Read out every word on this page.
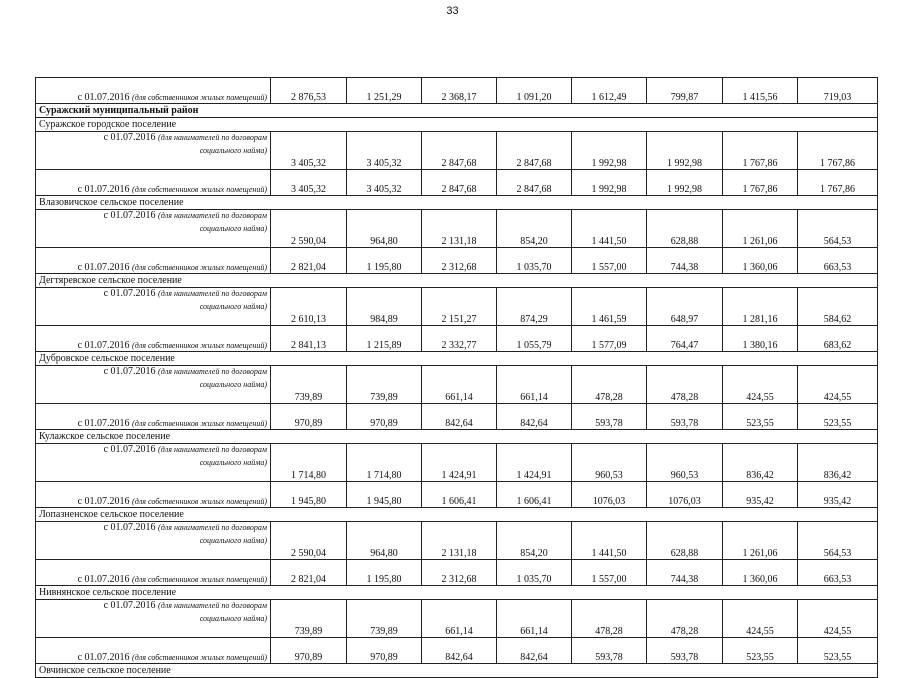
33
с 01.07.2016 (для собственников жилых помещений)	2 876,53	1 251,29	2 368,17	1 091,20	1 612,49	799,87	1 415,56	719,03
Суражский муниципальный район								
Суражское городское поселение								

с 01.07.2016 (для нанимателей по договорам
социального найма)	3 405,32	3 405,32	2 847,68	2 847,68	1 992,98	1 992,98	1 767,86	1 767,86
с 01.07.2016 (для собственников жилых помещений)	3 405,32	3 405,32	2 847,68	2 847,68	1 992,98	1 992,98	1 767,86	1 767,86
Влазовичское сельское поселение								

с 01.07.2016 (для нанимателей по договорам
социального найма)	2 590,04	964,80	2 131,18	854,20	1 441,50	628,88	1 261,06	564,53
с 01.07.2016 (для собственников жилых помещений)	2 821,04	1 195,80	2 312,68	1 035,70	1 557,00	744,38	1 360,06	663,53
Дегтяревское сельское поселение								

с 01.07.2016 (для нанимателей по договорам
социального найма)	2 610,13	984,89	2 151,27	874,29	1 461,59	648,97	1 281,16	584,62
с 01.07.2016 (для собственников жилых помещений)	2 841,13	1 215,89	2 332,77	1 055,79	1 577,09	764,47	1 380,16	683,62
Дубровское сельское поселение								

с 01.07.2016 (для нанимателей по договорам
социального найма)	739,89	739,89	661,14	661,14	478,28	478,28	424,55	424,55
с 01.07.2016 (для собственников жилых помещений)	970,89	970,89	842,64	842,64	593,78	593,78	523,55	523,55
Кулажское сельское поселение								

с 01.07.2016 (для нанимателей по договорам
социального найма)	1 714,80	1 714,80	1 424,91	1 424,91	960,53	960,53	836,42	836,42
с 01.07.2016 (для собственников жилых помещений)	1 945,80	1 945,80	1 606,41	1 606,41	1076,03	1076,03	935,42	935,42
Лопазненское сельское поселение								

с 01.07.2016 (для нанимателей по договорам
социального найма)	2 590,04	964,80	2 131,18	854,20	1 441,50	628,88	1 261,06	564,53
с 01.07.2016 (для собственников жилых помещений)	2 821,04	1 195,80	2 312,68	1 035,70	1 557,00	744,38	1 360,06	663,53
Нивнянское сельское поселение								

с 01.07.2016 (для нанимателей по договорам
социального найма)	739,89	739,89	661,14	661,14	478,28	478,28	424,55	424,55
с 01.07.2016 (для собственников жилых помещений)	970,89	970,89	842,64	842,64	593,78	593,78	523,55	523,55
Овчинское сельское поселение								
